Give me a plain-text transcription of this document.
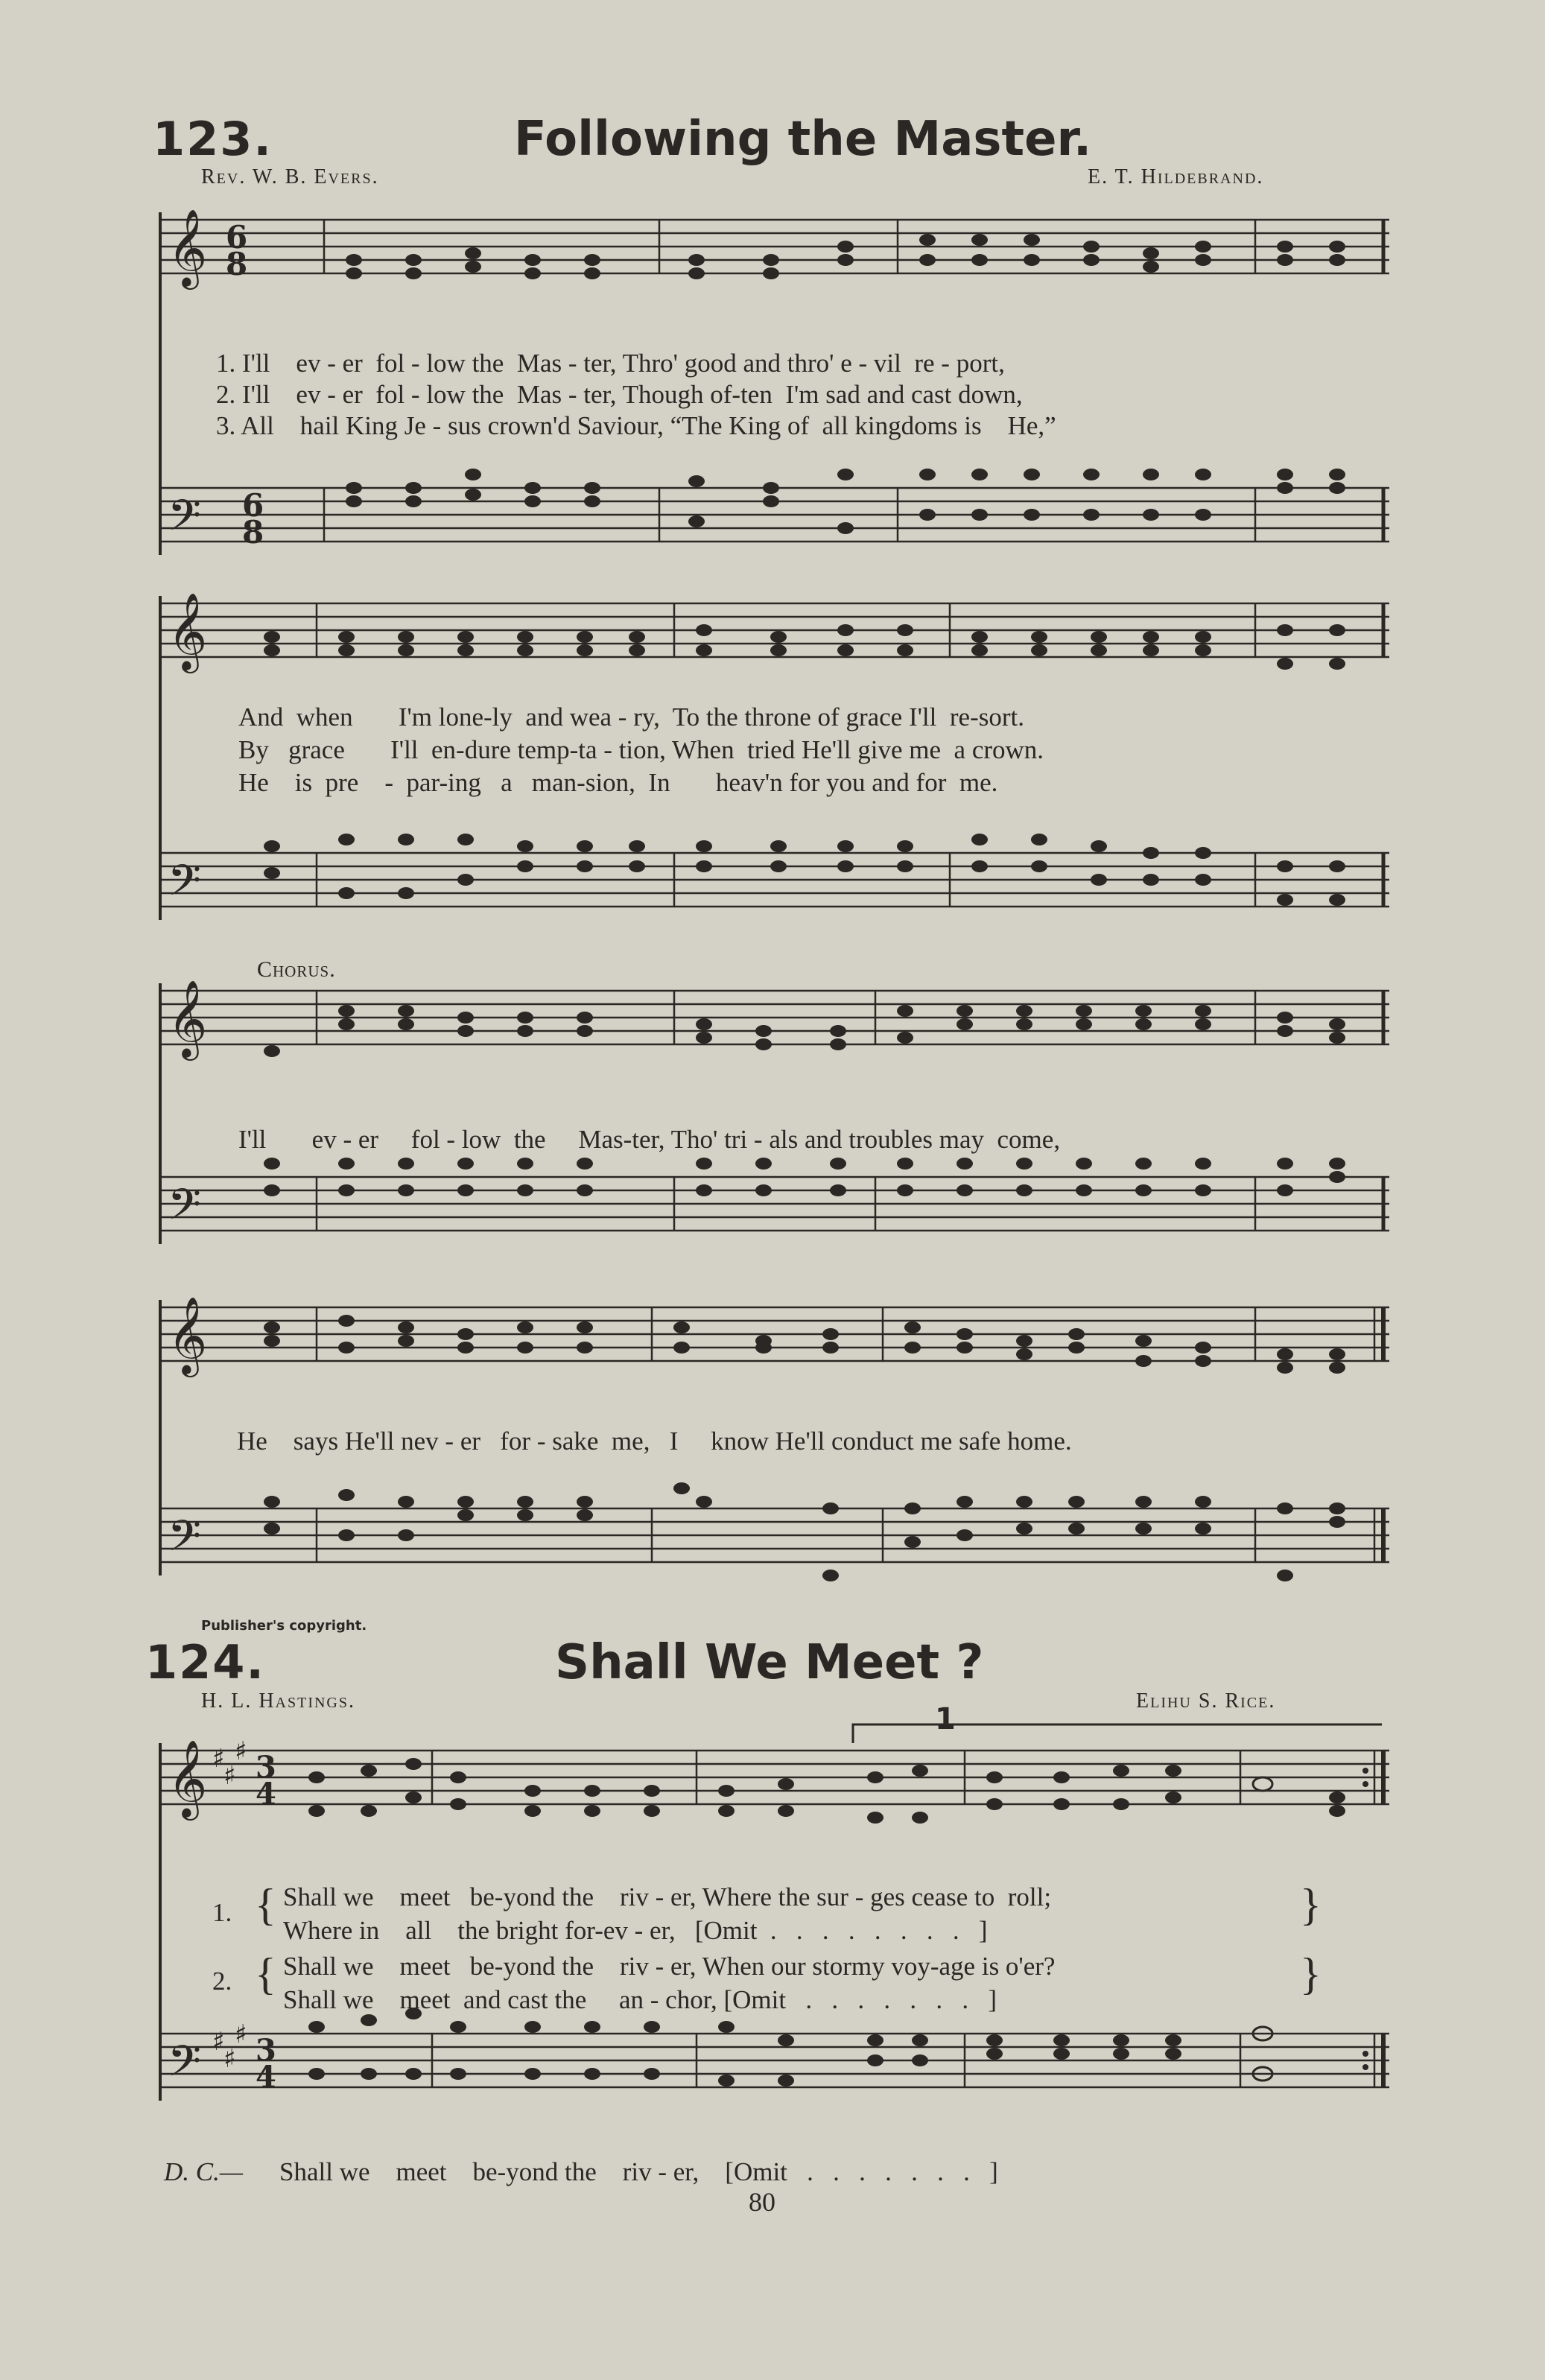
123.	Following the Master.
Rev. W. B. Evers.	E. T. Hildebrand.
𝄞
𝄢
6
8
6
8
1. I'll    ev - er  fol - low the  Mas - ter, Thro' good and thro' e - vil  re - port,
2. I'll    ev - er  fol - low the  Mas - ter, Though of-ten  I'm sad and cast down,
3. All    hail King Je - sus crown'd Saviour, “The King of  all kingdoms is    He,”
𝄞
𝄢
And  when       I'm lone-ly  and wea - ry,  To the throne of grace I'll  re-sort.
By   grace       I'll  en-dure temp-ta - tion, When  tried He'll give me  a crown.
He    is  pre    -  par-ing   a   man-sion,  In       heav'n for you and for  me.
Chorus.
𝄞
𝄢
I'll       ev - er     fol - low  the     Mas-ter, Tho' tri - als and troubles may  come,
𝄞
𝄢
He    says He'll nev - er   for - sake  me,   I     know He'll conduct me safe home.
Publisher's copyright.
124.	Shall We Meet ?
H. L. Hastings.	Elihu S. Rice.
1
𝄞
𝄢
♯
♯
♯
♯
♯
♯
3
4
3
4
1. { Shall we    meet   be-yond the    riv - er, Where the sur - ges cease to  roll;
Where in    all    the bright for-ev - er,   [Omit  .   .   .   .   .   .   .   .   ]
}
2. { Shall we    meet   be-yond the    riv - er, When our stormy voy-age is o'er?
Shall we    meet  and cast the     an - chor, [Omit   .   .   .   .   .   .   .   ]
}
D. C.— Shall we    meet    be-yond the    riv - er,    [Omit   .   .   .   .   .   .   .   ]
80
